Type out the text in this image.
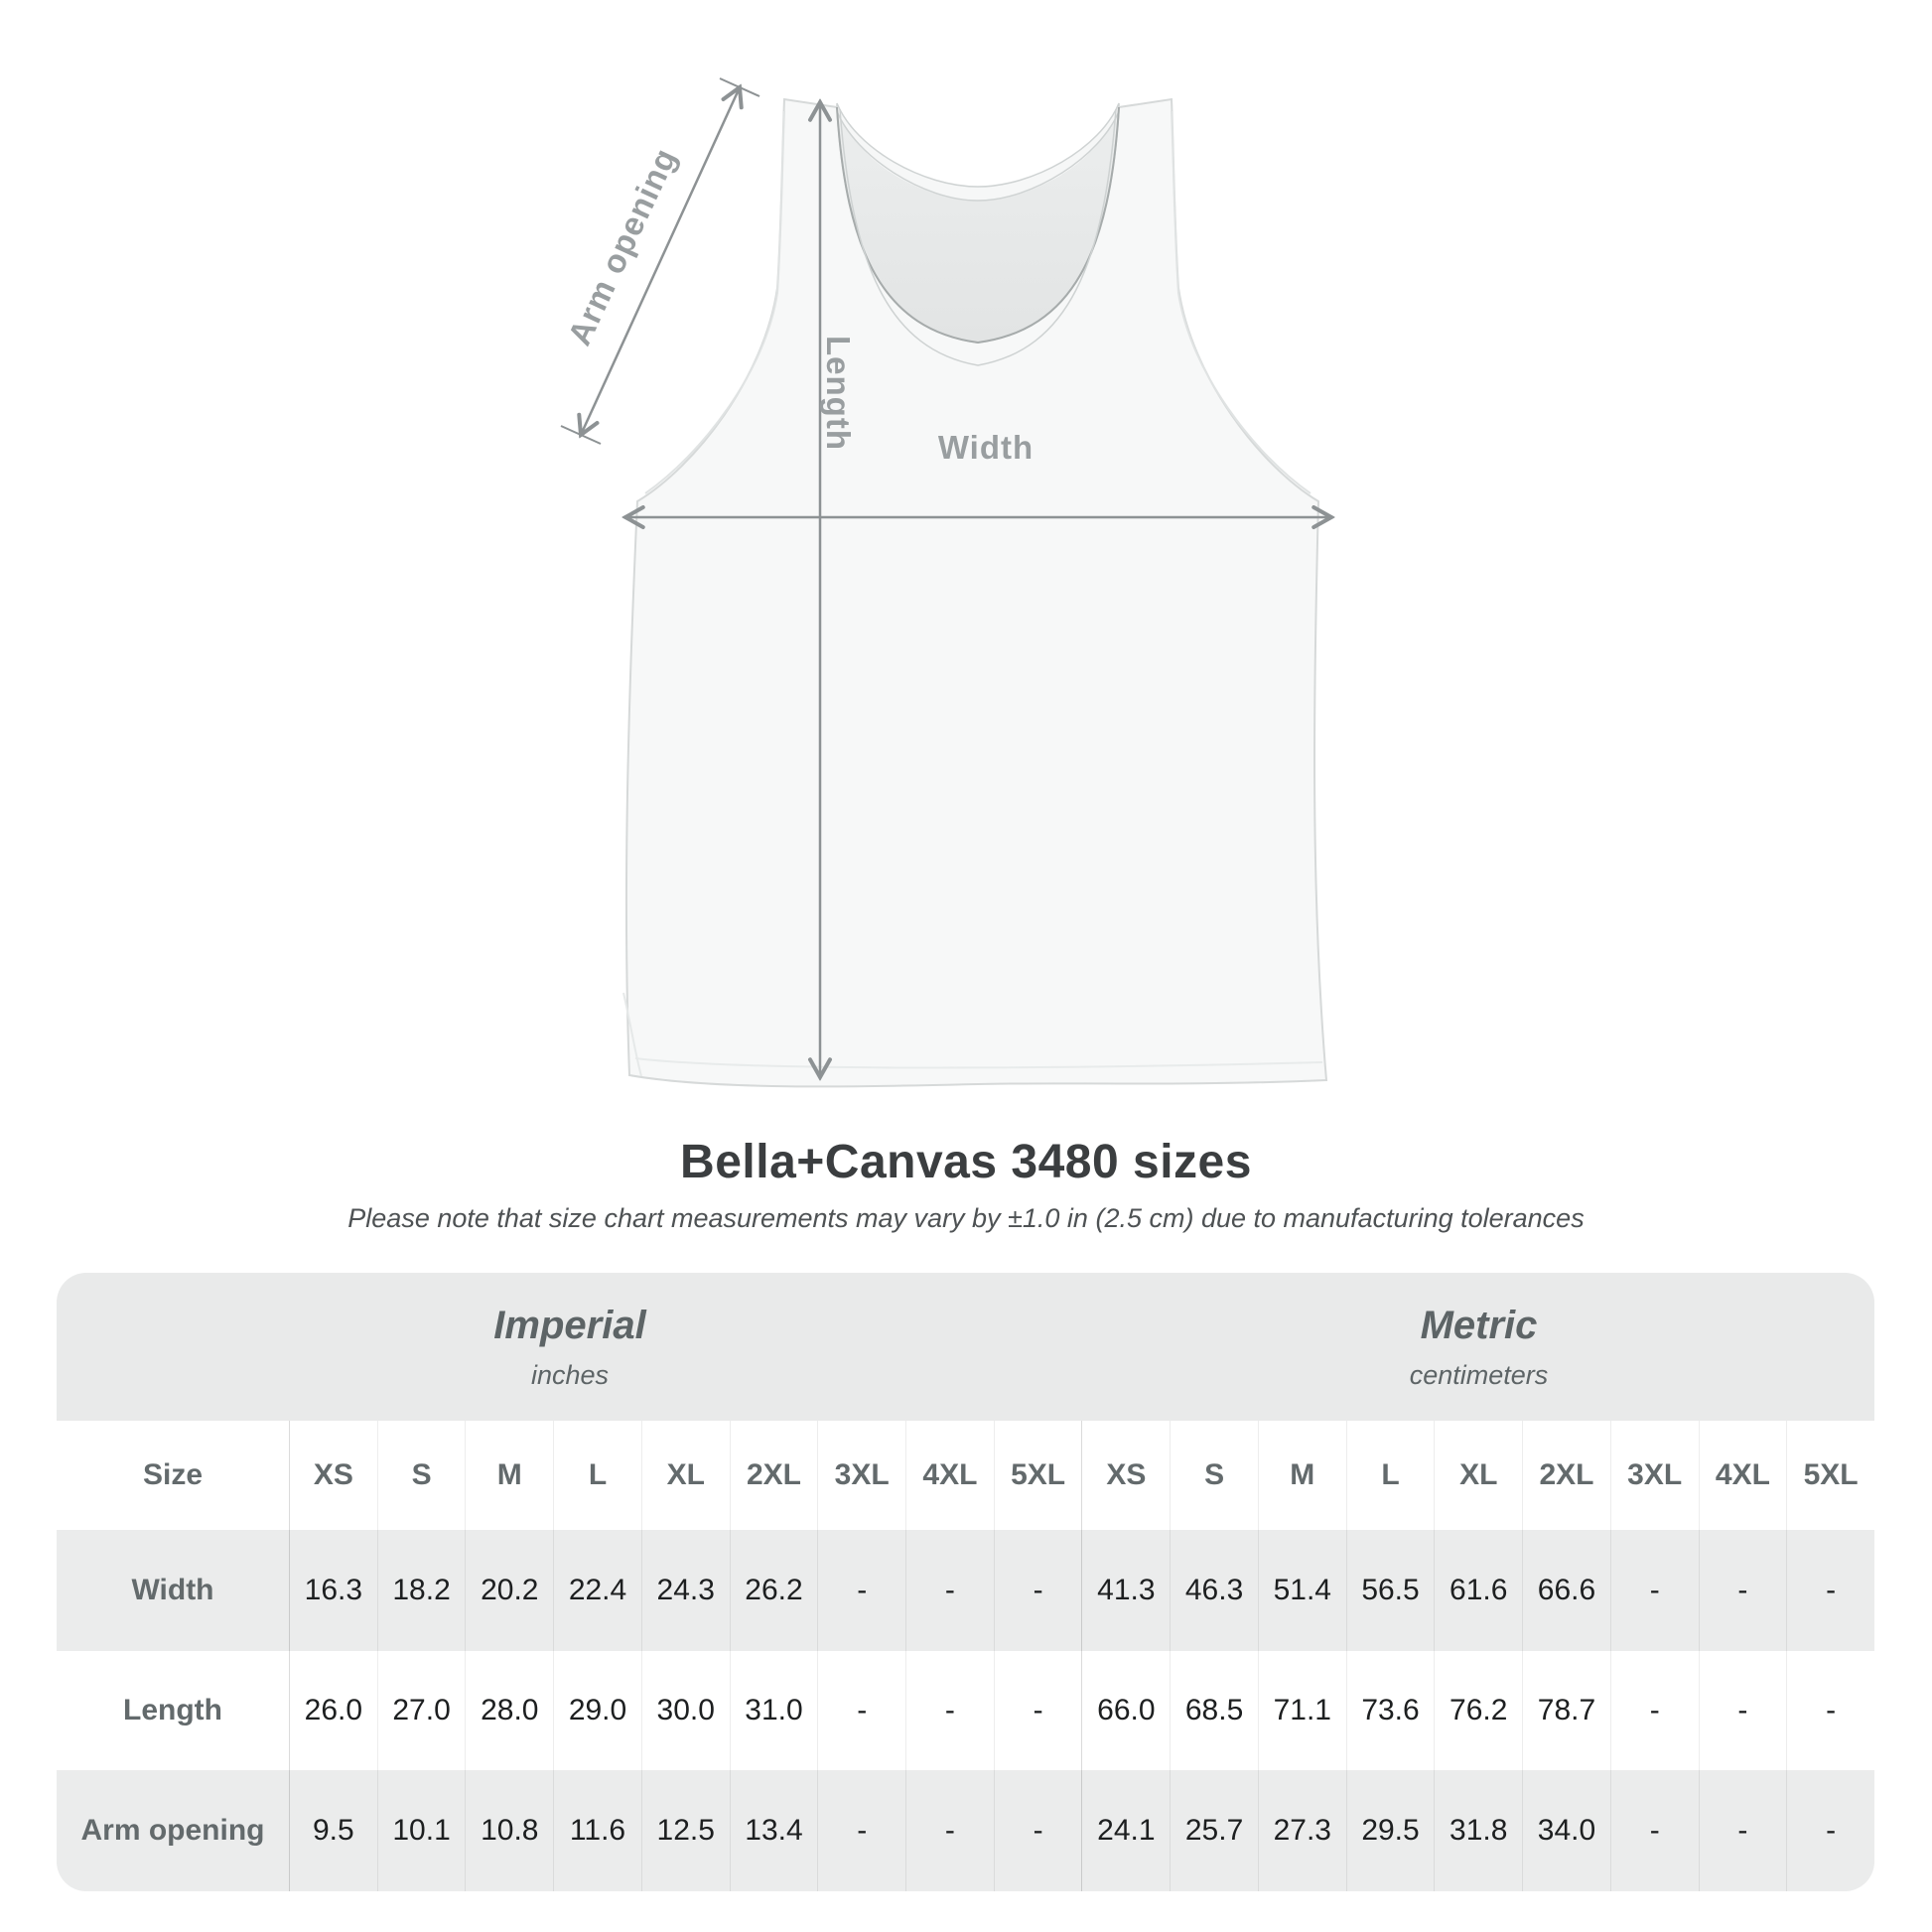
Width
Length
Arm opening
Bella+Canvas 3480 sizes
Please note that size chart measurements may vary by ±1.0 in (2.5 cm) due to manufacturing tolerances
Imperial
inches
Metric
centimeters
Size	XS	S	M	L	XL	2XL	3XL	4XL	5XL	XS	S	M	L	XL	2XL	3XL	4XL	5XL
Width	16.3	18.2	20.2	22.4	24.3	26.2	-	-	-	41.3	46.3	51.4	56.5	61.6	66.6	-	-	-
Length	26.0	27.0	28.0	29.0	30.0	31.0	-	-	-	66.0	68.5	71.1	73.6	76.2	78.7	-	-	-
Arm opening	9.5	10.1	10.8	11.6	12.5	13.4	-	-	-	24.1	25.7	27.3	29.5	31.8	34.0	-	-	-
